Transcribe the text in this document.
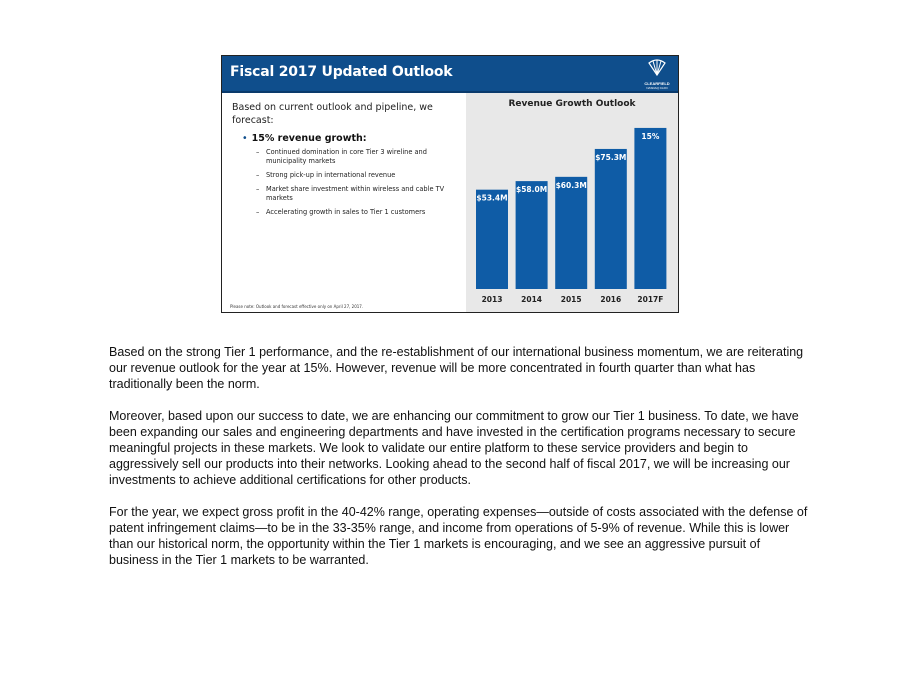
Fiscal 2017 Updated Outlook
CLEARFIELD
NASDAQ:CLFD

Based on current outlook and pipeline, we forecast:

• 15% revenue growth:
– Continued domination in core Tier 3 wireline and municipality markets
– Strong pick-up in international revenue
– Market share investment within wireless and cable TV markets
– Accelerating growth in sales to Tier 1 customers
Please note: Outlook and forecast effective only on April 27, 2017.
Revenue Growth Outlook
$53.4M
2013
$58.0M
2014
$60.3M
2015
$75.3M
2016
15%
2017F

Based on the strong Tier 1 performance, and the re-establishment of our international business momentum, we are reiterating our revenue outlook for the year at 15%. However, revenue will be more concentrated in fourth quarter than what has traditionally been the norm.

Moreover, based upon our success to date, we are enhancing our commitment to grow our Tier 1 business. To date, we have been expanding our sales and engineering departments and have invested in the certification programs necessary to secure meaningful projects in these markets. We look to validate our entire platform to these service providers and begin to aggressively sell our products into their networks. Looking ahead to the second half of fiscal 2017, we will be increasing our investments to achieve additional certifications for other products.

For the year, we expect gross profit in the 40-42% range, operating expenses—outside of costs associated with the defense of patent infringement claims—to be in the 33-35% range, and income from operations of 5-9% of revenue. While this is lower than our historical norm, the opportunity within the Tier 1 markets is encouraging, and we see an aggressive pursuit of business in the Tier 1 markets to be warranted.
